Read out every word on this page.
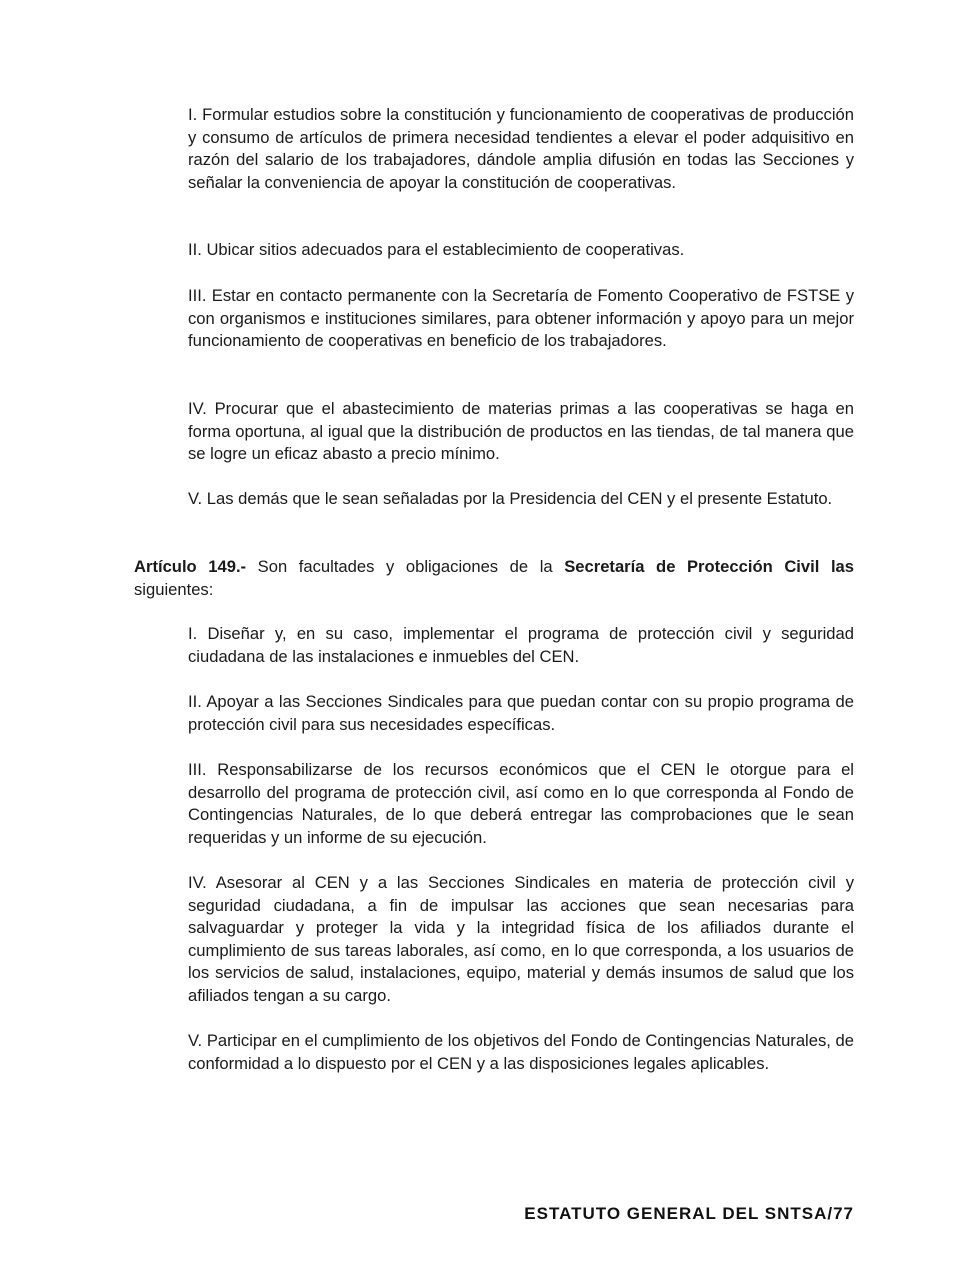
I. Formular estudios sobre la constitución y funcionamiento de cooperativas de producción y consumo de artículos de primera necesidad tendientes a elevar el poder adquisitivo en razón del salario de los trabajadores, dándole amplia difusión en todas las Secciones y señalar la conveniencia de apoyar la constitución de cooperativas.

II. Ubicar sitios adecuados para el establecimiento de cooperativas.

III. Estar en contacto permanente con la Secretaría de Fomento Cooperativo de FSTSE y con organismos e instituciones similares, para obtener información y apoyo para un mejor funcionamiento de cooperativas en beneficio de los trabajadores.

IV. Procurar que el abastecimiento de materias primas a las cooperativas se haga en forma oportuna, al igual que la distribución de productos en las tiendas, de tal manera que se logre un eficaz abasto a precio mínimo.

V. Las demás que le sean señaladas por la Presidencia del CEN y el presente Estatuto.

Artículo 149.- Son facultades y obligaciones de la Secretaría de Protección Civil las siguientes:

I. Diseñar y, en su caso, implementar el programa de protección civil y seguridad ciudadana de las instalaciones e inmuebles del CEN.

II. Apoyar a las Secciones Sindicales para que puedan contar con su propio programa de protección civil para sus necesidades específicas.

III. Responsabilizarse de los recursos económicos que el CEN le otorgue para el desarrollo del programa de protección civil, así como en lo que corresponda al Fondo de Contingencias Naturales, de lo que deberá entregar las comprobaciones que le sean requeridas y un informe de su ejecución.

IV. Asesorar al CEN y a las Secciones Sindicales en materia de protección civil y seguridad ciudadana, a fin de impulsar las acciones que sean necesarias para salvaguardar y proteger la vida y la integridad física de los afiliados durante el cumplimiento de sus tareas laborales, así como, en lo que corresponda, a los usuarios de los servicios de salud, instalaciones, equipo, material y demás insumos de salud que los afiliados tengan a su cargo.

V. Participar en el cumplimiento de los objetivos del Fondo de Contingencias Naturales, de conformidad a lo dispuesto por el CEN y a las disposiciones legales aplicables.

ESTATUTO GENERAL DEL SNTSA/77
